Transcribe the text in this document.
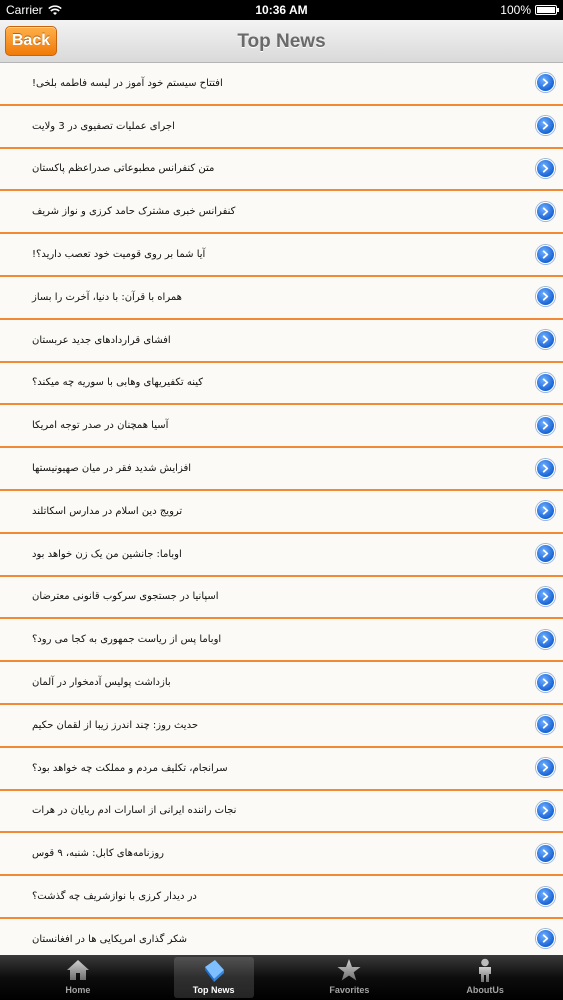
Carrier	10:36 AM	100%
Top News
Back
افتتاح سیستم خود آموز در لیسه فاطمه بلخی!
اجرای عملیات تصفیوی در 3 ولایت
متن کنفرانس مطبوعاتی صدراعظم پاکستان
کنفرانس خبری مشترک حامد کرزی و نواز شریف
آیا شما بر روی قومیت خود تعصب دارید؟!
همراه با قرآن: با دنیا، آخرت را بساز
افشای قراردادهای جدید عربستان
کینه تکفیریهای وهابی با سوریه چه میکند؟
آسیا همچنان در صدر توجه امریکا
افزایش شدید فقر در میان صهیونیستها
ترویج دین اسلام در مدارس اسکاتلند
اوباما: جانشین من یک زن خواهد بود
اسپانیا در جستجوی سرکوب قانونی معترضان
اوباما پس از ریاست جمهوری به کجا می رود؟
بازداشت پولیس آدمخوار در آلمان
حدیث روز: چند اندرز زیبا از لقمان حکیم
سرانجام، تکلیف مردم و مملکت چه خواهد بود؟
نجات راننده ایرانی از اسارات ادم ربایان در هرات
روزنامه‌های کابل: شنبه، ۹ قوس
در دیدار کرزی با نوازشریف چه گذشت؟
شکر گذاری امریکایی ها در افغانستان
Home	Top News	Favorites	AboutUs
